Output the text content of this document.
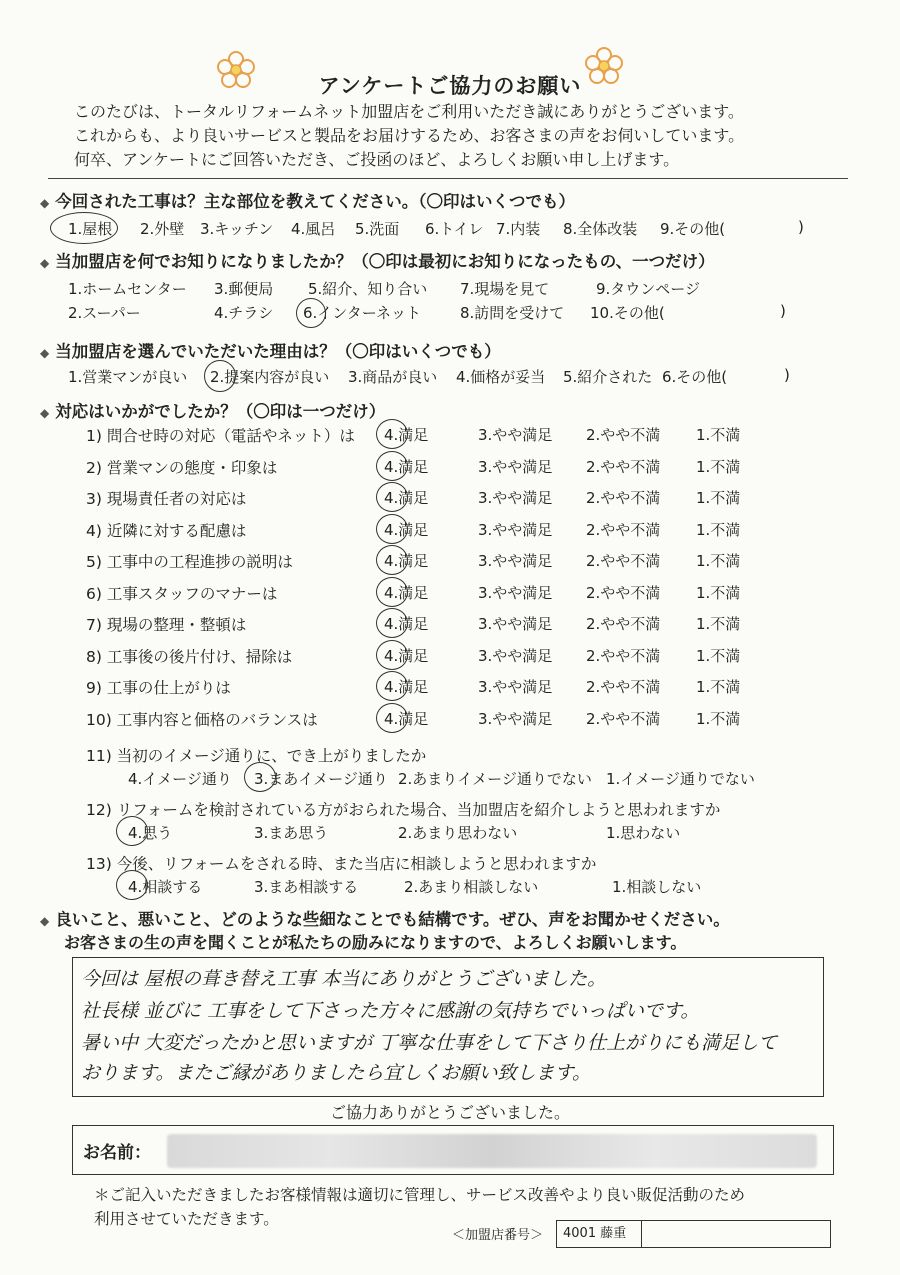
アンケートご協力のお願い
このたびは、トータルリフォームネット加盟店をご利用いただき誠にありがとうございます。
これからも、より良いサービスと製品をお届けするため、お客さまの声をお伺いしています。
何卒、アンケートにご回答いただき、ご投函のほど、よろしくお願い申し上げます。
◆ 今回された工事は？主な部位を教えてください。（〇印はいくつでも）
1.屋根 2.外壁 3.キッチン 4.風呂 5.洗面 6.トイレ 7.内装 8.全体改装 9.その他(	)
◆ 当加盟店を何でお知りになりましたか？（〇印は最初にお知りになったもの、一つだけ）
1.ホームセンター 3.郵便局 5.紹介、知り合い 7.現場を見て	9.タウンページ
2.スーパー	4.チラシ 6.インターネット	8.訪問を受けて 10.その他(	)
◆ 当加盟店を選んでいただいた理由は？（〇印はいくつでも）
1.営業マンが良い 2.提案内容が良い 3.商品が良い 4.価格が妥当 5.紹介された 6.その他(	)
◆ 対応はいかがでしたか？（〇印は一つだけ）
1) 問合せ時の対応（電話やネット）は 4.満足	3.やや満足 2.やや不満 1.不満
2) 営業マンの態度・印象は	4.満足	3.やや満足 2.やや不満 1.不満
3) 現場責任者の対応は	4.満足	3.やや満足 2.やや不満 1.不満
4) 近隣に対する配慮は	4.満足	3.やや満足 2.やや不満 1.不満
5) 工事中の工程進捗の説明は	4.満足	3.やや満足 2.やや不満 1.不満
6) 工事スタッフのマナーは	4.満足	3.やや満足 2.やや不満 1.不満
7) 現場の整理・整頓は	4.満足	3.やや満足 2.やや不満 1.不満
8) 工事後の後片付け、掃除は	4.満足	3.やや満足 2.やや不満 1.不満
9) 工事の仕上がりは	4.満足	3.やや満足 2.やや不満 1.不満
10) 工事内容と価格のバランスは	4.満足	3.やや満足 2.やや不満 1.不満
11) 当初のイメージ通りに、でき上がりましたか
4.イメージ通り 3.まあイメージ通り 2.あまりイメージ通りでない 1.イメージ通りでない
12) リフォームを検討されている方がおられた場合、当加盟店を紹介しようと思われますか
4.思う	3.まあ思う	2.あまり思わない	1.思わない
13) 今後、リフォームをされる時、また当店に相談しようと思われますか
4.相談する	3.まあ相談する	2.あまり相談しない	1.相談しない
◆ 良いこと、悪いこと、どのような些細なことでも結構です。ぜひ、声をお聞かせください。
お客さまの生の声を聞くことが私たちの励みになりますので、よろしくお願いします。
今回は 屋根の葺き替え工事 本当にありがとうございました。
社長様 並びに 工事をして下さった方々に感謝の気持ちでいっぱいです。
暑い中 大変だったかと思いますが 丁寧な仕事をして下さり仕上がりにも満足して
おります。またご縁がありましたら宜しくお願い致します。
ご協力ありがとうございました。
お名前：
＊ご記入いただきましたお客様情報は適切に管理し、サービス改善やより良い販促活動のため
利用させていただきます。
＜加盟店番号＞	4001 藤重
